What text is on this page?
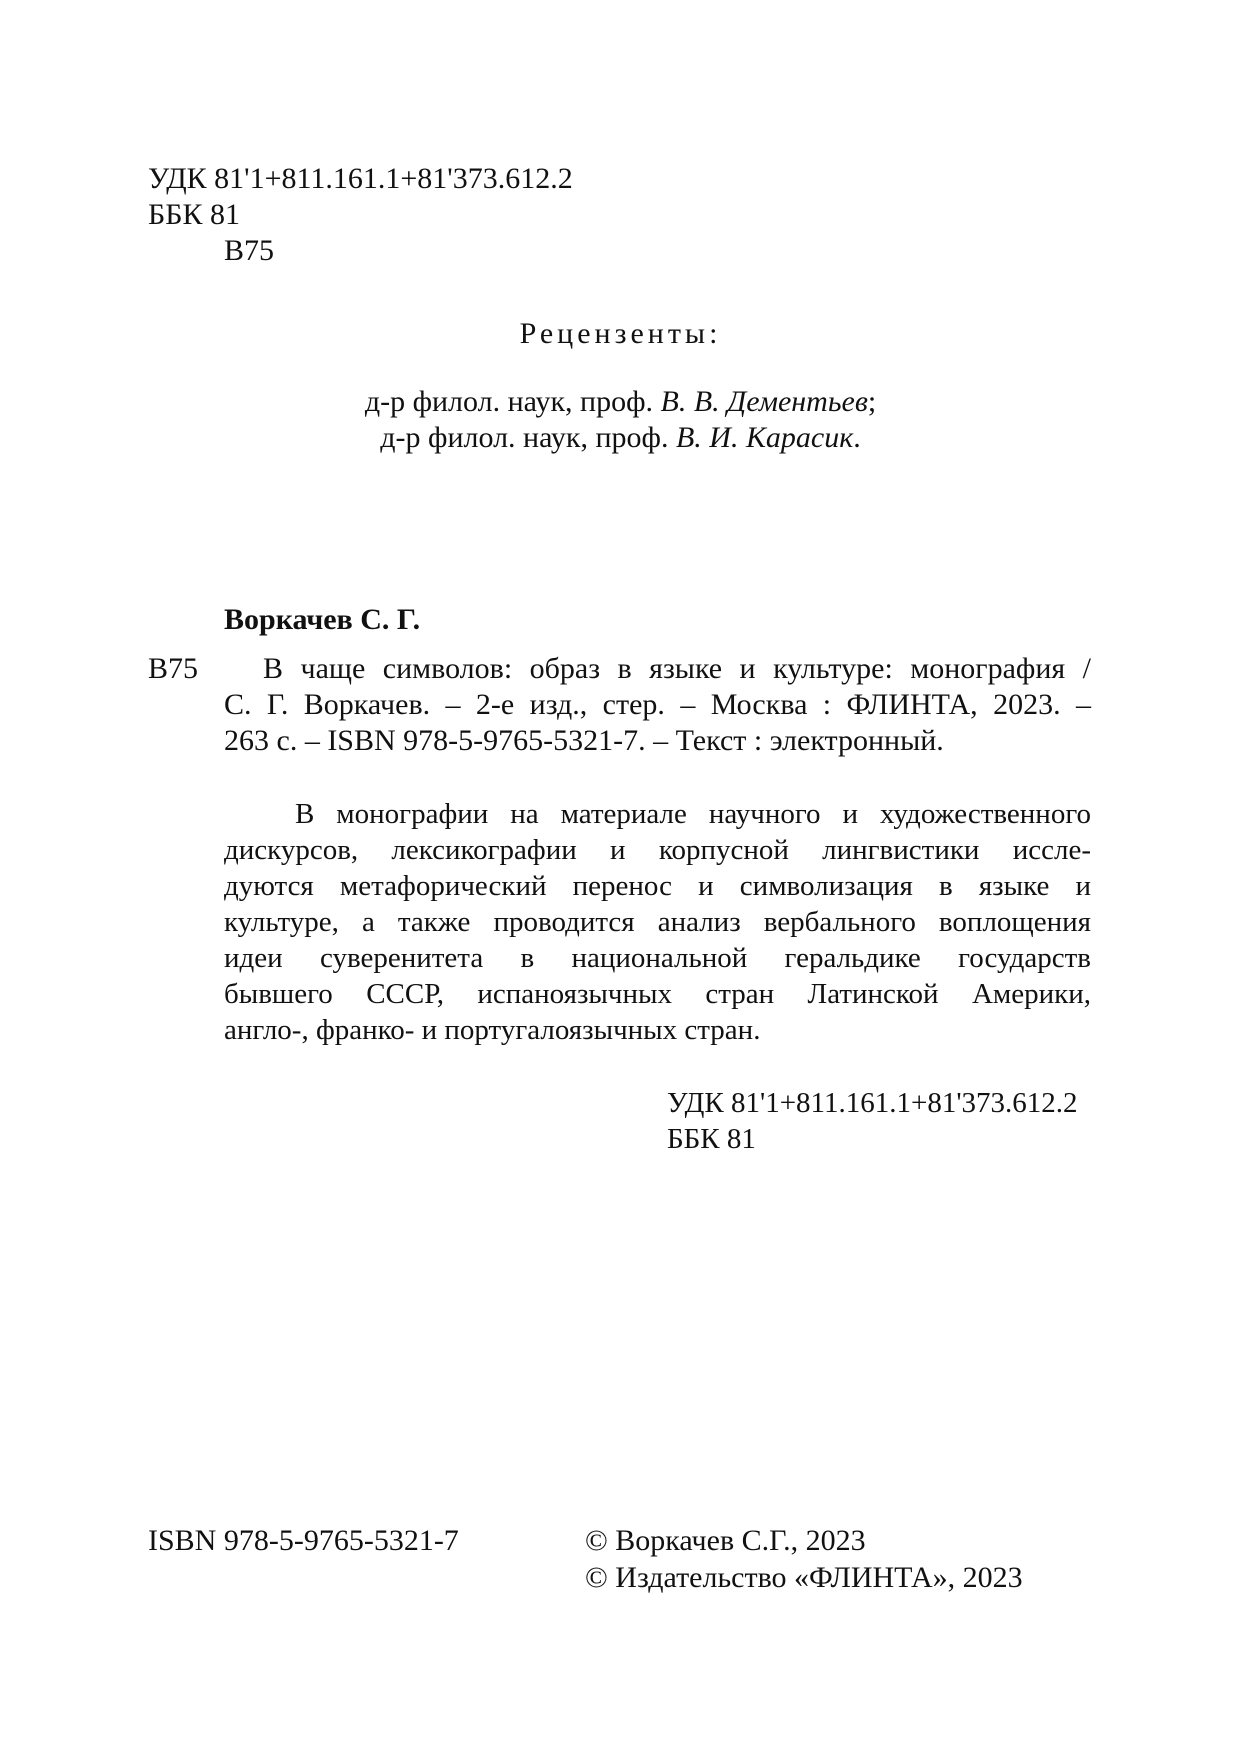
УДК 81'1+811.161.1+81'373.612.2
ББК 81
В75
Рецензенты:
д-р филол. наук, проф. В. В. Дементьев;
д-р филол. наук, проф. В. И. Карасик.
Воркачев С. Г.
В75 В чаще символов: образ в языке и культуре: монография /
С. Г. Воркачев. – 2-е изд., стер. – Москва : ФЛИНТА, 2023. –
263 с. – ISBN 978-5-9765-5321-7. – Текст : электронный.
В монографии на материале научного и художественного
дискурсов, лексикографии и корпусной лингвистики иссле-
дуются метафорический перенос и символизация в языке и
культуре, а также проводится анализ вербального воплощения
идеи суверенитета в национальной геральдике государств
бывшего СССР, испаноязычных стран Латинской Америки,
англо-, франко- и португалоязычных стран.
УДК 81'1+811.161.1+81'373.612.2
ББК 81
ISBN 978-5-9765-5321-7	© Воркачев С.Г., 2023
© Издательство «ФЛИНТА», 2023
